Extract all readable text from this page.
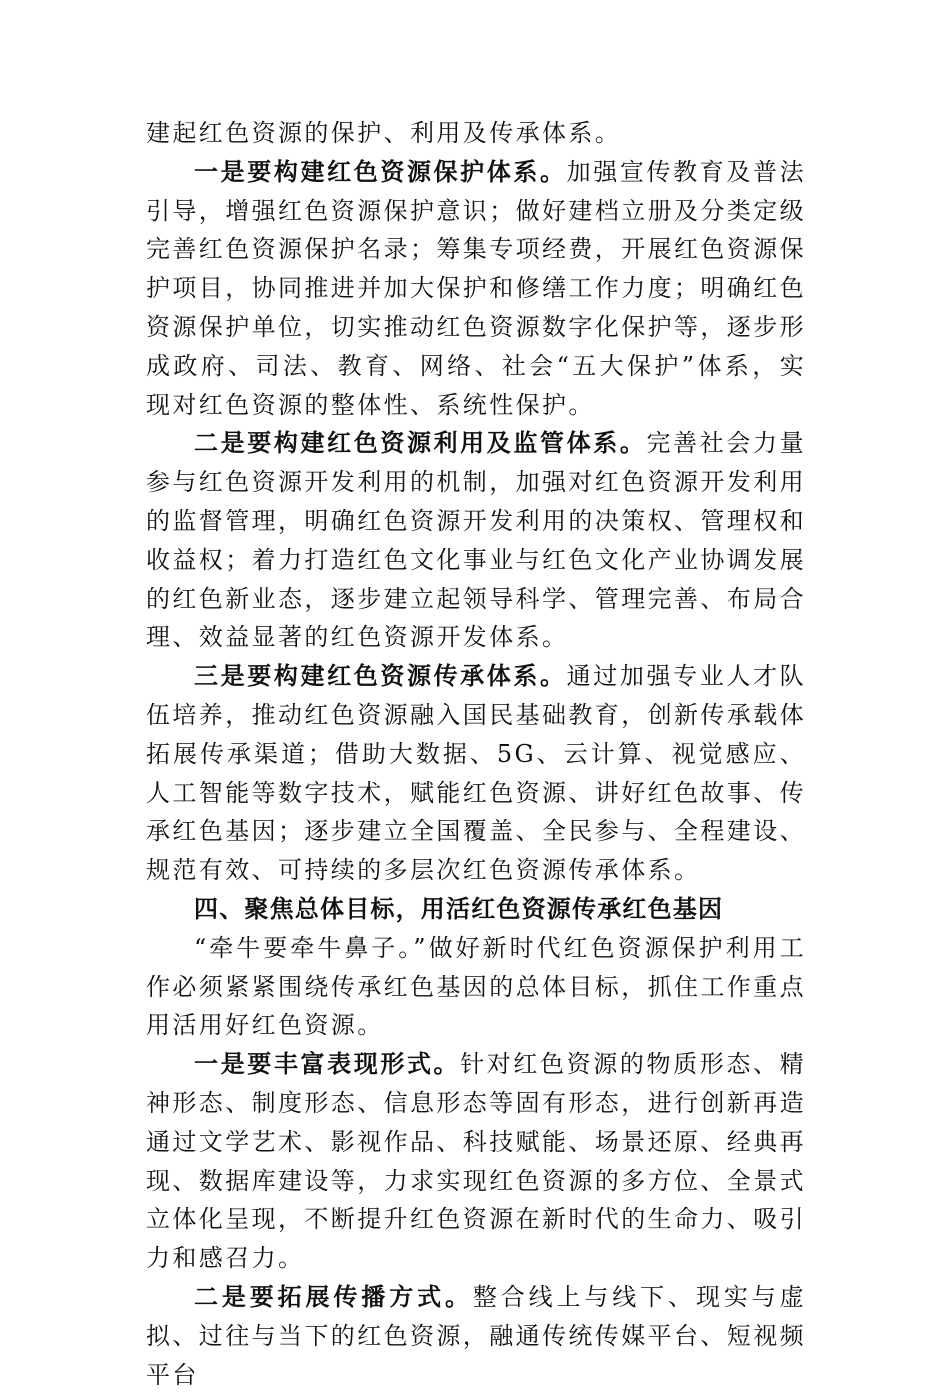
建起红色资源的保护、利用及传承体系。

一是要构建红色资源保护体系。加强宣传教育及普法引导，增强红色资源保护意识；做好建档立册及分类定级完善红色资源保护名录；筹集专项经费，开展红色资源保护项目，协同推进并加大保护和修缮工作力度；明确红色资源保护单位，切实推动红色资源数字化保护等，逐步形成政府、司法、教育、网络、社会“五大保护”体系，实现对红色资源的整体性、系统性保护。

二是要构建红色资源利用及监管体系。完善社会力量参与红色资源开发利用的机制，加强对红色资源开发利用的监督管理，明确红色资源开发利用的决策权、管理权和收益权；着力打造红色文化事业与红色文化产业协调发展的红色新业态，逐步建立起领导科学、管理完善、布局合理、效益显著的红色资源开发体系。

三是要构建红色资源传承体系。通过加强专业人才队伍培养，推动红色资源融入国民基础教育，创新传承载体拓展传承渠道；借助大数据、5G、云计算、视觉感应、人工智能等数字技术，赋能红色资源、讲好红色故事、传承红色基因；逐步建立全国覆盖、全民参与、全程建设、规范有效、可持续的多层次红色资源传承体系。

四、聚焦总体目标，用活红色资源传承红色基因

“牵牛要牵牛鼻子。”做好新时代红色资源保护利用工作必须紧紧围绕传承红色基因的总体目标，抓住工作重点用活用好红色资源。

一是要丰富表现形式。针对红色资源的物质形态、精神形态、制度形态、信息形态等固有形态，进行创新再造通过文学艺术、影视作品、科技赋能、场景还原、经典再现、数据库建设等，力求实现红色资源的多方位、全景式立体化呈现，不断提升红色资源在新时代的生命力、吸引力和感召力。

二是要拓展传播方式。整合线上与线下、现实与虚拟、过往与当下的红色资源，融通传统传媒平台、短视频平台
